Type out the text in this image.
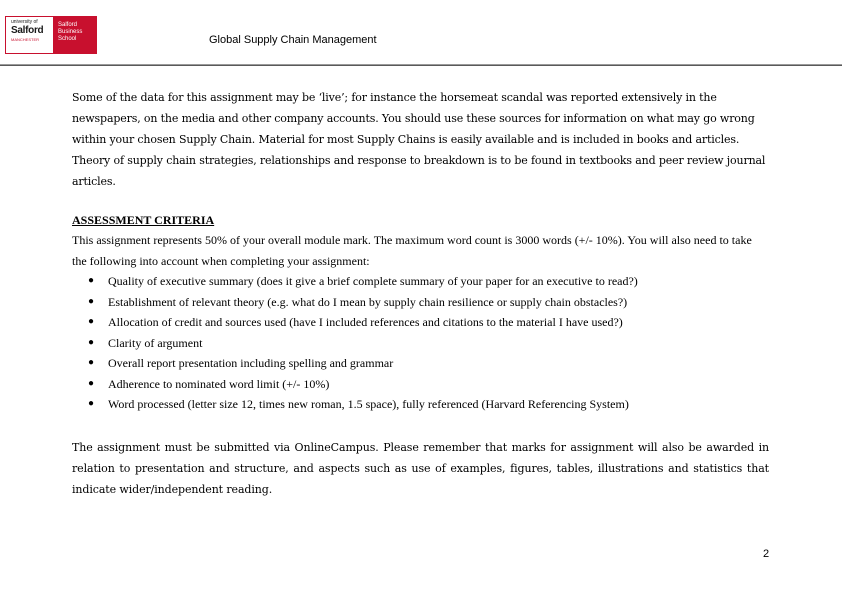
university of
Salford
MANCHESTER
Salford
Business
School	Global Supply Chain Management

Some of the data for this assignment may be ‘live’; for instance the horsemeat scandal was reported extensively in the newspapers, on the media and other company accounts. You should use these sources for information on what may go wrong within your chosen Supply Chain. Material for most Supply Chains is easily available and is included in books and articles. Theory of supply chain strategies, relationships and response to breakdown is to be found in textbooks and peer review journal articles.

ASSESSMENT CRITERIA

This assignment represents 50% of your overall module mark. The maximum word count is 3000 words (+/- 10%). You will also need to take the following into account when completing your assignment:

● Quality of executive summary (does it give a brief complete summary of your paper for an executive to read?)
● Establishment of relevant theory (e.g. what do I mean by supply chain resilience or supply chain obstacles?)
● Allocation of credit and sources used (have I included references and citations to the material I have used?)
● Clarity of argument
● Overall report presentation including spelling and grammar
● Adherence to nominated word limit (+/- 10%)
● Word processed (letter size 12, times new roman, 1.5 space), fully referenced (Harvard Referencing System)

The assignment must be submitted via OnlineCampus. Please remember that marks for assignment will also be awarded in relation to presentation and structure, and aspects such as use of examples, figures, tables, illustrations and statistics that indicate wider/independent reading.

2
